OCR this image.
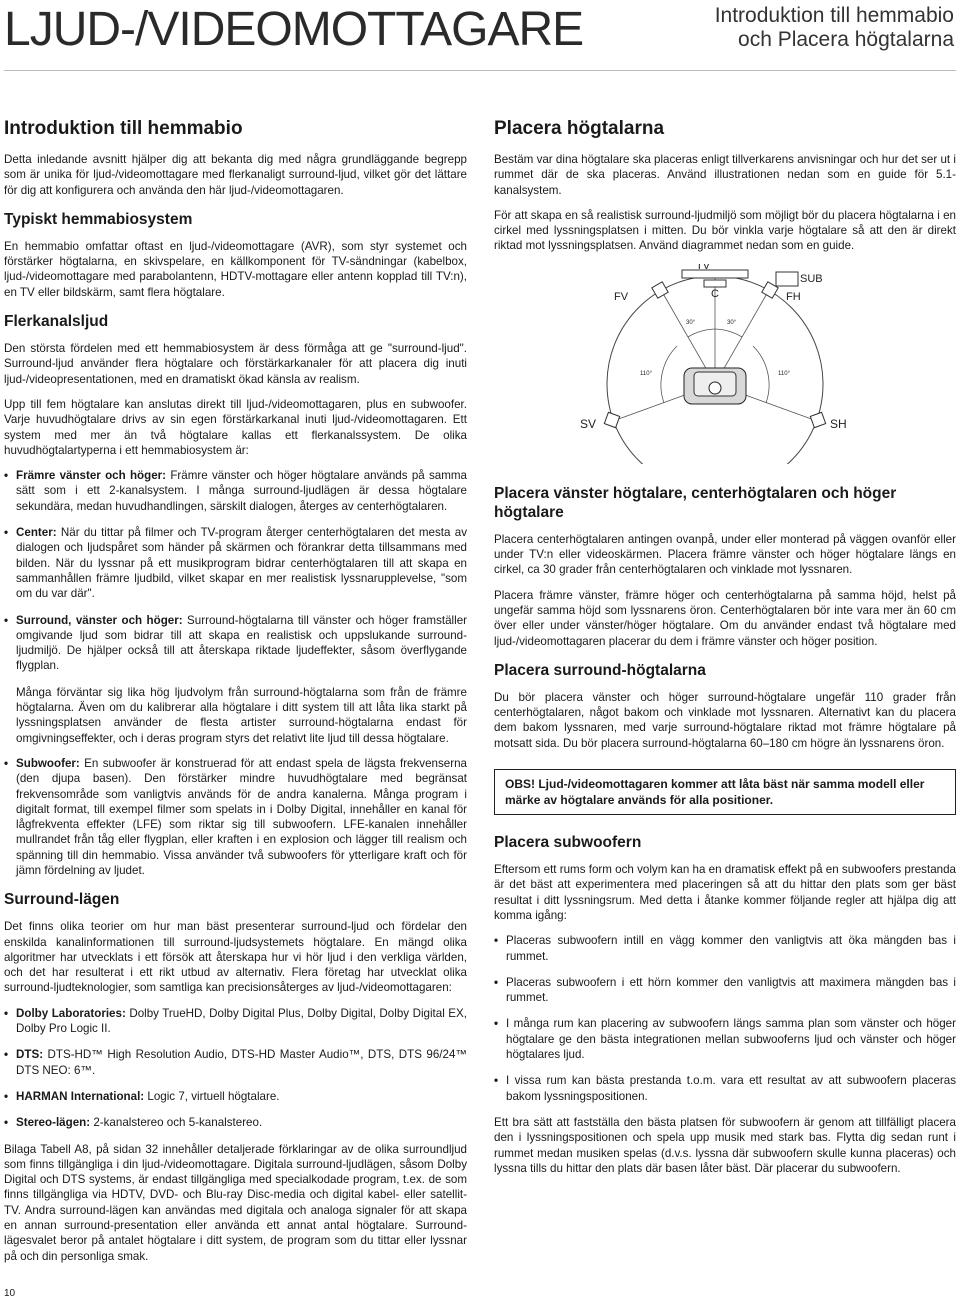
LJUD-/VIDEOMOTTAGARE	Introduktion till hemmabio
och Placera högtalarna
Introduktion till hemmabio

Detta inledande avsnitt hjälper dig att bekanta dig med några grundläggande begrepp som är unika för ljud-/videomottagare med flerkanaligt surround-ljud, vilket gör det lättare för dig att konfigurera och använda den här ljud-/videomottagaren.

Typiskt hemmabiosystem

En hemmabio omfattar oftast en ljud-/videomottagare (AVR), som styr systemet och förstärker högtalarna, en skivspelare, en källkomponent för TV-sändningar (kabelbox, ljud-/videomottagare med parabolantenn, HDTV-mottagare eller antenn kopplad till TV:n), en TV eller bildskärm, samt flera högtalare.

Flerkanalsljud

Den största fördelen med ett hemmabiosystem är dess förmåga att ge "surround-ljud". Surround-ljud använder flera högtalare och förstärkarkanaler för att placera dig inuti ljud-/videopresentationen, med en dramatiskt ökad känsla av realism.

Upp till fem högtalare kan anslutas direkt till ljud-/videomottagaren, plus en subwoofer. Varje huvudhögtalare drivs av sin egen förstärkarkanal inuti ljud-/videomottagaren. Ett system med mer än två högtalare kallas ett flerkanalssystem. De olika huvudhögtalartyperna i ett hemmabiosystem är:

• Främre vänster och höger: Främre vänster och höger högtalare används på samma sätt som i ett 2-kanalsystem. I många surround-ljudlägen är dessa högtalare sekundära, medan huvudhandlingen, särskilt dialogen, återges av centerhögtalaren.
• Center: När du tittar på filmer och TV-program återger centerhögtalaren det mesta av dialogen och ljudspåret som händer på skärmen och förankrar detta tillsammans med bilden. När du lyssnar på ett musikprogram bidrar centerhögtalaren till att skapa en sammanhållen främre ljudbild, vilket skapar en mer realistisk lyssnarupplevelse, "som om du var där".
• Surround, vänster och höger: Surround-högtalarna till vänster och höger framställer omgivande ljud som bidrar till att skapa en realistisk och uppslukande surround-ljudmiljö. De hjälper också till att återskapa riktade ljudeffekter, såsom överflygande flygplan.

Många förväntar sig lika hög ljudvolym från surround-högtalarna som från de främre högtalarna. Även om du kalibrerar alla högtalare i ditt system till att låta lika starkt på lyssningsplatsen använder de flesta artister surround-högtalarna endast för omgivningseffekter, och i deras program styrs det relativt lite ljud till dessa högtalare.

• Subwoofer: En subwoofer är konstruerad för att endast spela de lägsta frekvenserna (den djupa basen). Den förstärker mindre huvudhögtalare med begränsat frekvensområde som vanligtvis används för de andra kanalerna. Många program i digitalt format, till exempel filmer som spelats in i Dolby Digital, innehåller en kanal för lågfrekventa effekter (LFE) som riktar sig till subwoofern. LFE-kanalen innehåller mullrandet från tåg eller flygplan, eller kraften i en explosion och lägger till realism och spänning till din hemmabio. Vissa använder två subwoofers för ytterligare kraft och för jämn fördelning av ljudet.
Surround-lägen

Det finns olika teorier om hur man bäst presenterar surround-ljud och fördelar den enskilda kanalinformationen till surround-ljudsystemets högtalare. En mängd olika algoritmer har utvecklats i ett försök att återskapa hur vi hör ljud i den verkliga världen, och det har resulterat i ett rikt utbud av alternativ. Flera företag har utvecklat olika surround-ljudteknologier, som samtliga kan precisionsåterges av ljud-/videomottagaren:

• Dolby Laboratories: Dolby TrueHD, Dolby Digital Plus, Dolby Digital, Dolby Digital EX, Dolby Pro Logic II.
• DTS: DTS-HD™ High Resolution Audio, DTS-HD Master Audio™, DTS, DTS 96/24™ DTS NEO: 6™.
• HARMAN International: Logic 7, virtuell högtalare.
• Stereo-lägen: 2-kanalstereo och 5-kanalstereo.

Bilaga Tabell A8, på sidan 32 innehåller detaljerade förklaringar av de olika surroundljud som finns tillgängliga i din ljud-/videomottagare. Digitala surround-ljudlägen, såsom Dolby Digital och DTS systems, är endast tillgängliga med specialkodade program, t.ex. de som finns tillgängliga via HDTV, DVD- och Blu-ray Disc-media och digital kabel- eller satellit-TV. Andra surround-lägen kan användas med digitala och analoga signaler för att skapa en annan surround-presentation eller använda ett annat antal högtalare. Surround-lägesvalet beror på antalet högtalare i ditt system, de program som du tittar eller lyssnar på och din personliga smak.

Placera högtalarna

Bestäm var dina högtalare ska placeras enligt tillverkarens anvisningar och hur det ser ut i rummet där de ska placeras. Använd illustrationen nedan som en guide för 5.1-kanalsystem.

För att skapa en så realistisk surround-ljudmiljö som möjligt bör du placera högtalarna i en cirkel med lyssningsplatsen i mitten. Du bör vinkla varje högtalare så att den är direkt riktad mot lyssningsplatsen. Använd diagrammet nedan som en guide.

TV
C
SUB
FV	FH
SV	SH
30°	30°
110°	110°
Placera vänster högtalare, centerhögtalaren och höger högtalare

Placera centerhögtalaren antingen ovanpå, under eller monterad på väggen ovanför eller under TV:n eller videoskärmen. Placera främre vänster och höger högtalare längs en cirkel, ca 30 grader från centerhögtalaren och vinklade mot lyssnaren.

Placera främre vänster, främre höger och centerhögtalarna på samma höjd, helst på ungefär samma höjd som lyssnarens öron. Centerhögtalaren bör inte vara mer än 60 cm över eller under vänster/höger högtalare. Om du använder endast två högtalare med ljud-/videomottagaren placerar du dem i främre vänster och höger position.

Placera surround-högtalarna

Du bör placera vänster och höger surround-högtalare ungefär 110 grader från centerhögtalaren, något bakom och vinklade mot lyssnaren. Alternativt kan du placera dem bakom lyssnaren, med varje surround-högtalare riktad mot främre högtalare på motsatt sida. Du bör placera surround-högtalarna 60–180 cm högre än lyssnarens öron.

OBS! Ljud-/videomottagaren kommer att låta bäst när samma modell eller märke av högtalare används för alla positioner.
Placera subwoofern

Eftersom ett rums form och volym kan ha en dramatisk effekt på en subwoofers prestanda är det bäst att experimentera med placeringen så att du hittar den plats som ger bäst resultat i ditt lyssningsrum. Med detta i åtanke kommer följande regler att hjälpa dig att komma igång:

• Placeras subwoofern intill en vägg kommer den vanligtvis att öka mängden bas i rummet.
• Placeras subwoofern i ett hörn kommer den vanligtvis att maximera mängden bas i rummet.
• I många rum kan placering av subwoofern längs samma plan som vänster och höger högtalare ge den bästa integrationen mellan subwooferns ljud och vänster och höger högtalares ljud.
• I vissa rum kan bästa prestanda t.o.m. vara ett resultat av att subwoofern placeras bakom lyssningspositionen.

Ett bra sätt att fastställa den bästa platsen för subwoofern är genom att tillfälligt placera den i lyssningspositionen och spela upp musik med stark bas. Flytta dig sedan runt i rummet medan musiken spelas (d.v.s. lyssna där subwoofern skulle kunna placeras) och lyssna tills du hittar den plats där basen låter bäst. Där placerar du subwoofern.

10
